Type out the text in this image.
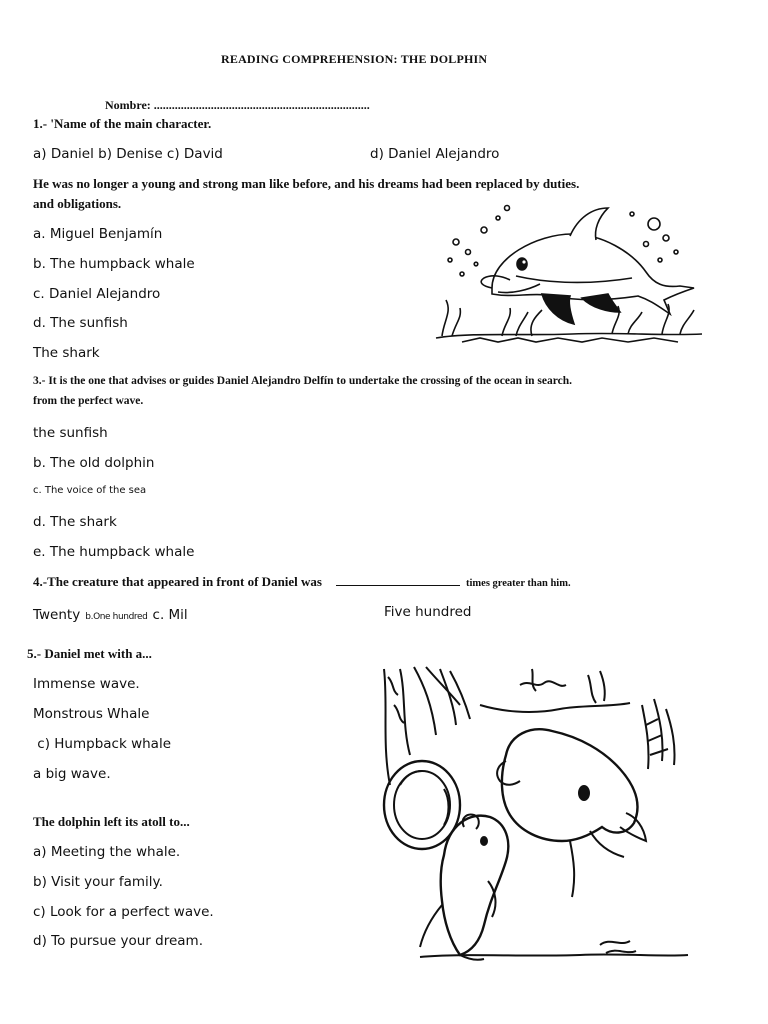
READING COMPREHENSION: THE DOLPHIN
Nombre: ........................................................................
1.- 'Name of the main character.
a) Daniel b) Denise c) David	d) Daniel Alejandro
He was no longer a young and strong man like before, and his dreams had been replaced by duties.
and obligations.
a. Miguel Benjamín
b. The humpback whale
c. Daniel Alejandro
d. The sunfish
The shark
3.- It is the one that advises or guides Daniel Alejandro Delfín to undertake the crossing of the ocean in search.
from the perfect wave.
the sunfish
b. The old dolphin
c. The voice of the sea
d. The shark
e. The humpback whale
4.-The creature that appeared in front of Daniel was	times greater than him.
Twenty b.One hundred c. Mil	Five hundred
5.- Daniel met with a...
Immense wave.
Monstrous Whale
c) Humpback whale
a big wave.
The dolphin left its atoll to...
a) Meeting the whale.
b) Visit your family.
c) Look for a perfect wave.
d) To pursue your dream.
